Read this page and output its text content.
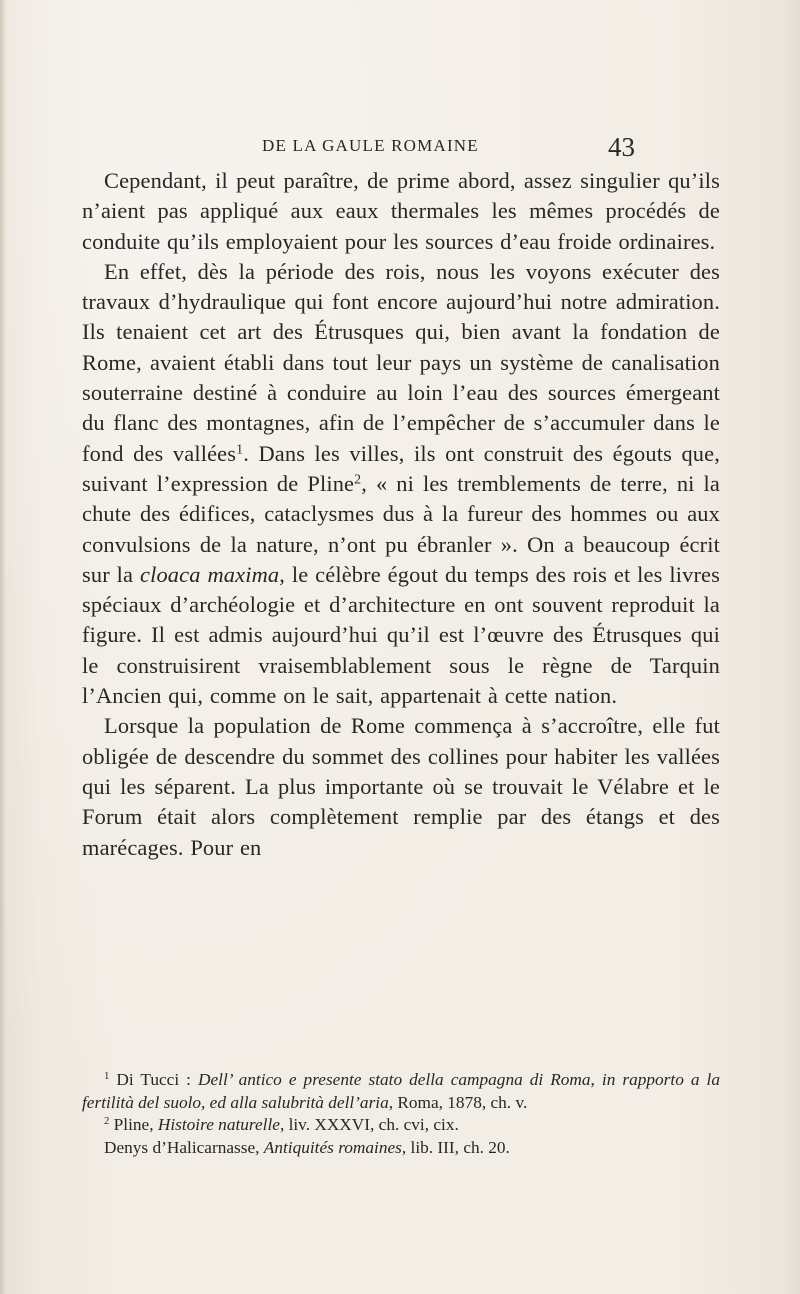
DE LA GAULE ROMAINE	43

Cependant, il peut paraître, de prime abord, assez singulier qu’ils n’aient pas appliqué aux eaux thermales les mêmes procédés de conduite qu’ils employaient pour les sources d’eau froide ordinaires.

En effet, dès la période des rois, nous les voyons exécuter des travaux d’hydraulique qui font encore aujourd’hui notre admiration. Ils tenaient cet art des Étrusques qui, bien avant la fondation de Rome, avaient établi dans tout leur pays un système de canalisation souterraine destiné à conduire au loin l’eau des sources émergeant du flanc des montagnes, afin de l’empêcher de s’accumuler dans le fond des vallées$^1$. Dans les villes, ils ont construit des égouts que, suivant l’expression de Pline$^2$, « ni les tremblements de terre, ni la chute des édifices, cataclysmes dus à la fureur des hommes ou aux convulsions de la nature, n’ont pu ébranler ». On a beaucoup écrit sur la cloaca maxima, le célèbre égout du temps des rois et les livres spéciaux d’archéologie et d’architecture en ont souvent reproduit la figure. Il est admis aujourd’hui qu’il est l’œuvre des Étrusques qui le construisirent vraisemblablement sous le règne de Tarquin l’Ancien qui, comme on le sait, appartenait à cette nation.

Lorsque la population de Rome commença à s’accroître, elle fut obligée de descendre du sommet des collines pour habiter les vallées qui les séparent. La plus importante où se trouvait le Vélabre et le Forum était alors complètement remplie par des étangs et des marécages. Pour en

$^1$ Di Tucci : Dell’ antico e presente stato della campagna di Roma, in rapporto a la fertilità del suolo, ed alla salubrità dell’aria, Roma, 1878, ch. v.

$^2$ Pline, Histoire naturelle, liv. XXXVI, ch. cvi, cix.

Denys d’Halicarnasse, Antiquités romaines, lib. III, ch. 20.
